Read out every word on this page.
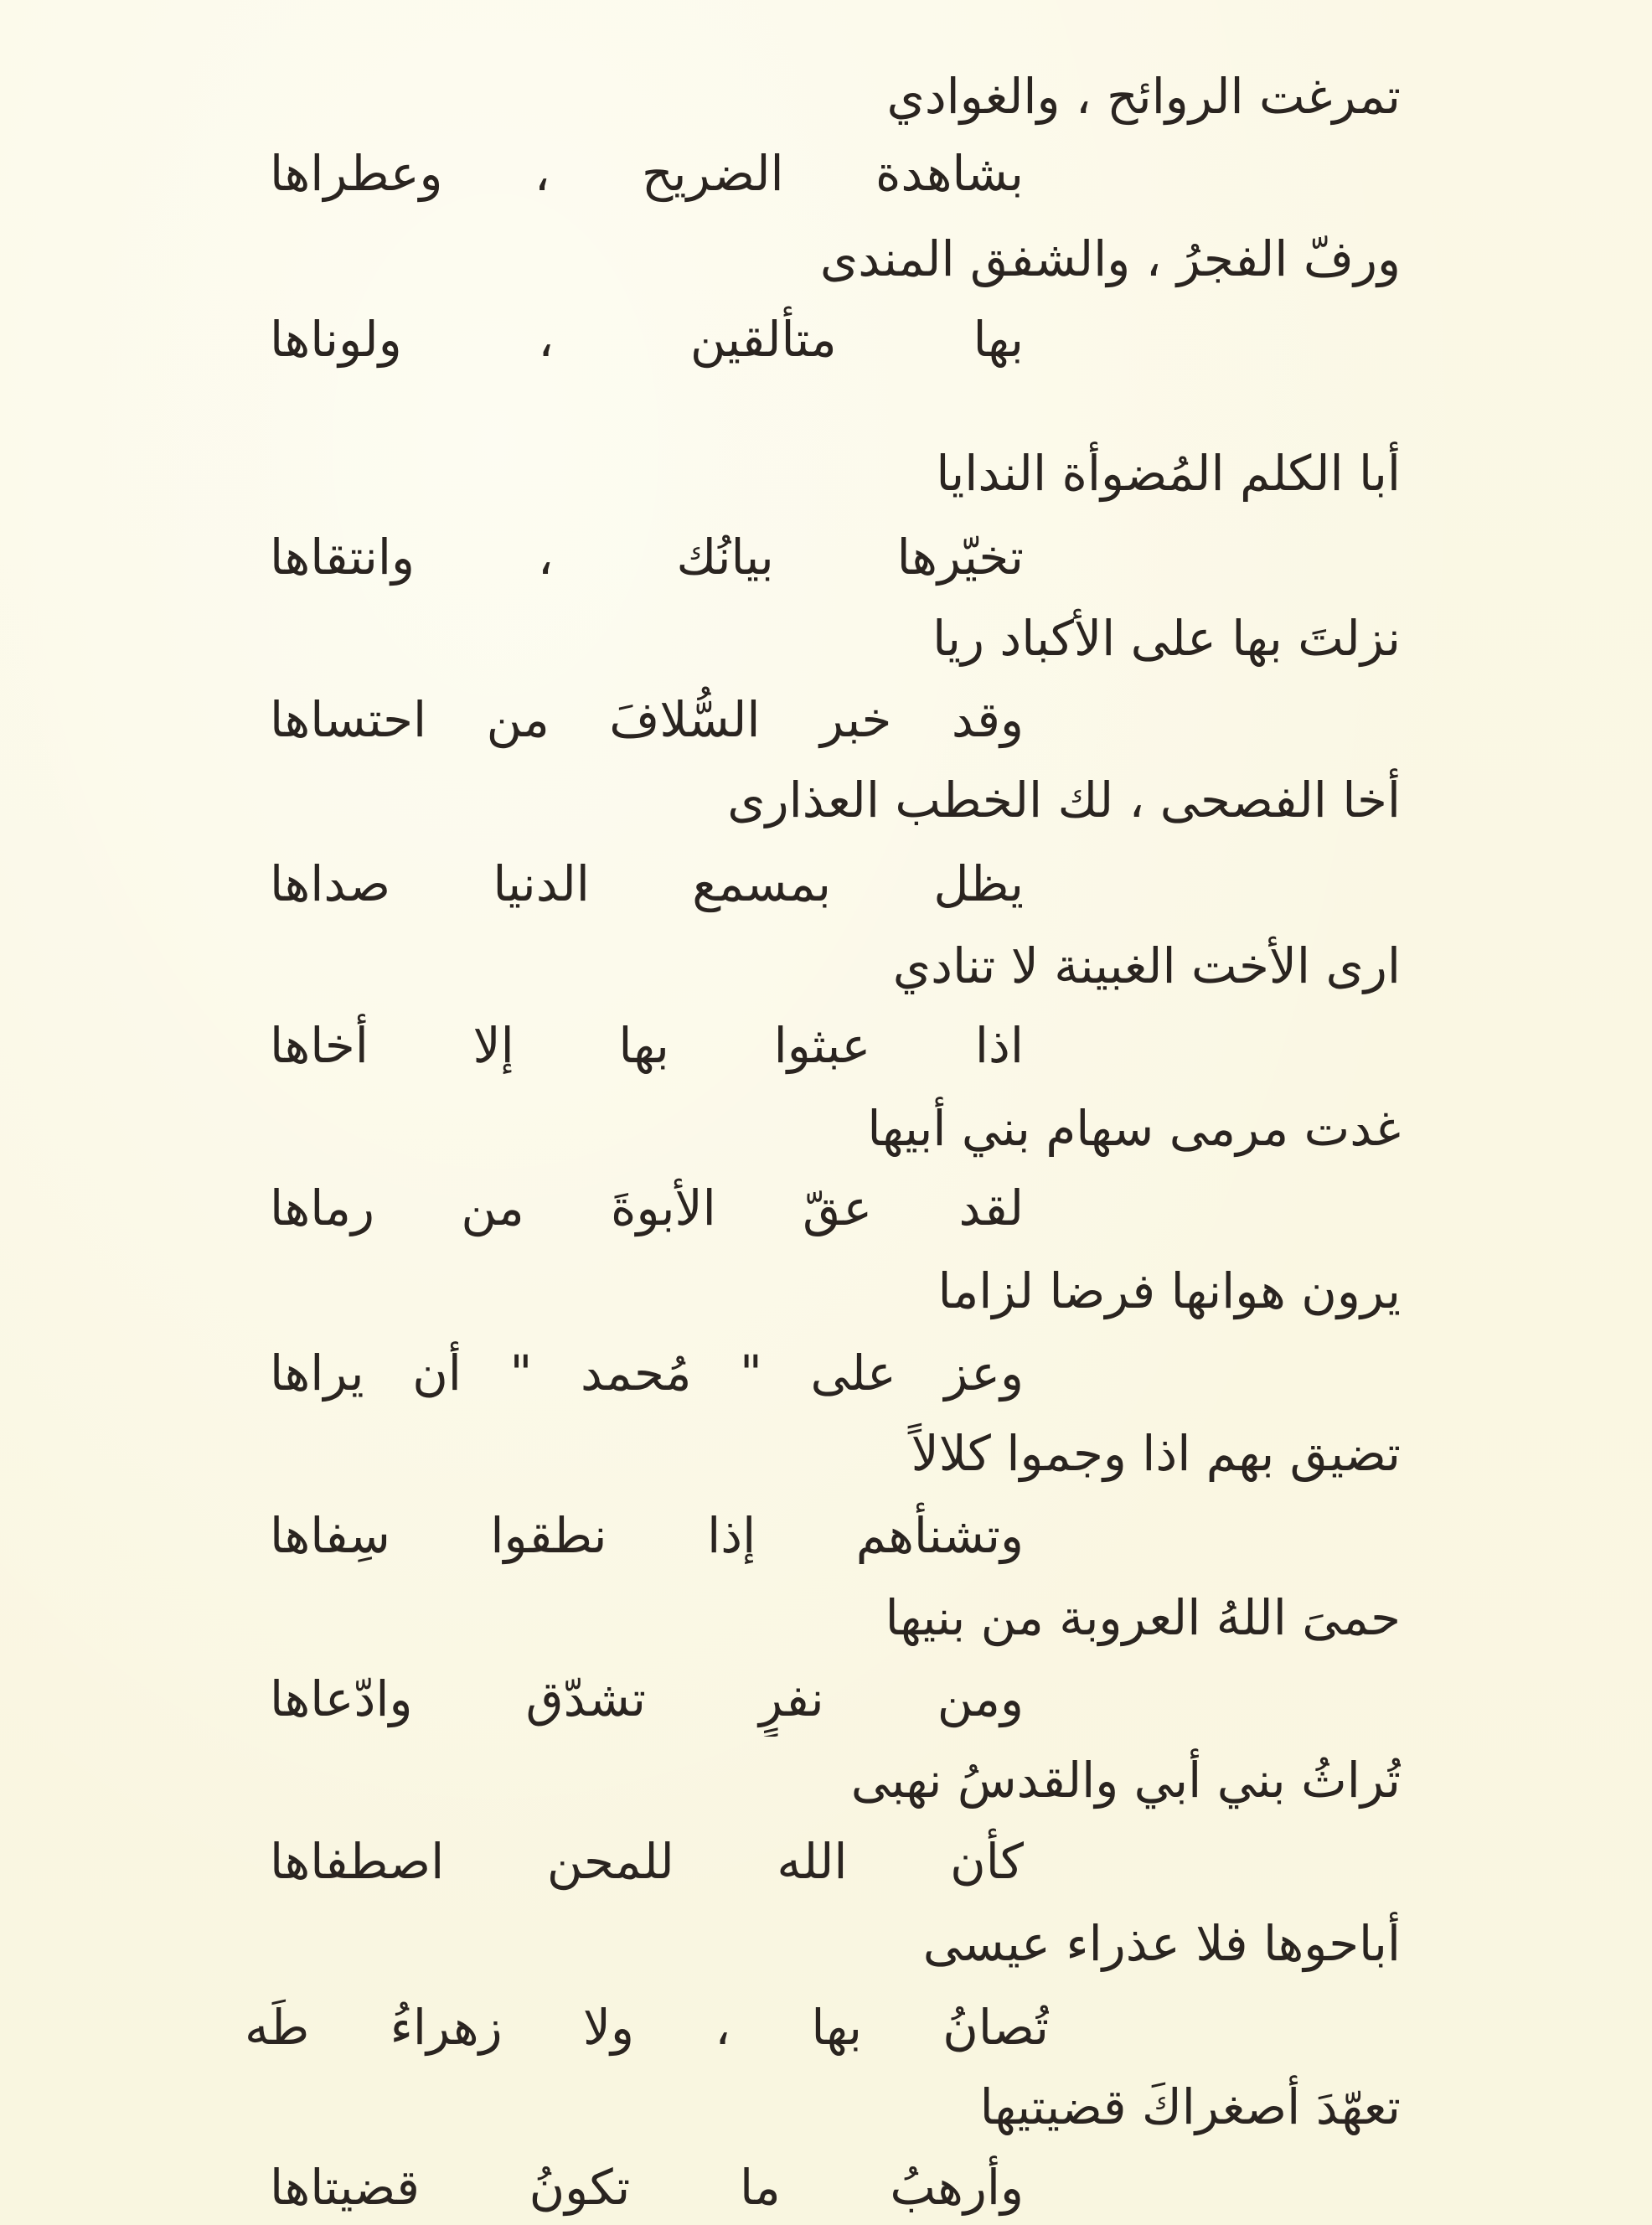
تمرغت الروائح ، والغوادي
بشاهدة الضريح ، وعطراها
ورفّ الفجرُ ، والشفق المندى
بها متألقين ، ولوناها
أبا الكلم المُضوأة الندايا
تخيّرها بيانُك ، وانتقاها
نزلتَ بها على الأكباد ريا
وقد خبر السُّلافَ من احتساها
أخا الفصحى ، لك الخطب العذارى
يظل بمسمع الدنيا صداها
ارى الأخت الغبينة لا تنادي
اذا عبثوا بها إلا أخاها
غدت مرمى سهام بني أبيها
لقد عقّ الأبوةَ من رماها
يرون هوانها فرضا لزاما
وعز على " مُحمد " أن يراها
تضيق بهم اذا وجموا كلالاً
وتشنأهم إذا نطقوا سِفاها
حمىَ اللهُ العروبة من بنيها
ومن نفرٍ تشدّق وادّعاها
تُراثُ بني أبي والقدسُ نهبى
كأن الله للمحن اصطفاها
أباحوها فلا عذراء عيسى
تُصانُ بها ، ولا زهراءُ طَه
تعهّدَ أصغراكَ قضيتيها
وأرهبُ ما تكونُ قضيتاها
